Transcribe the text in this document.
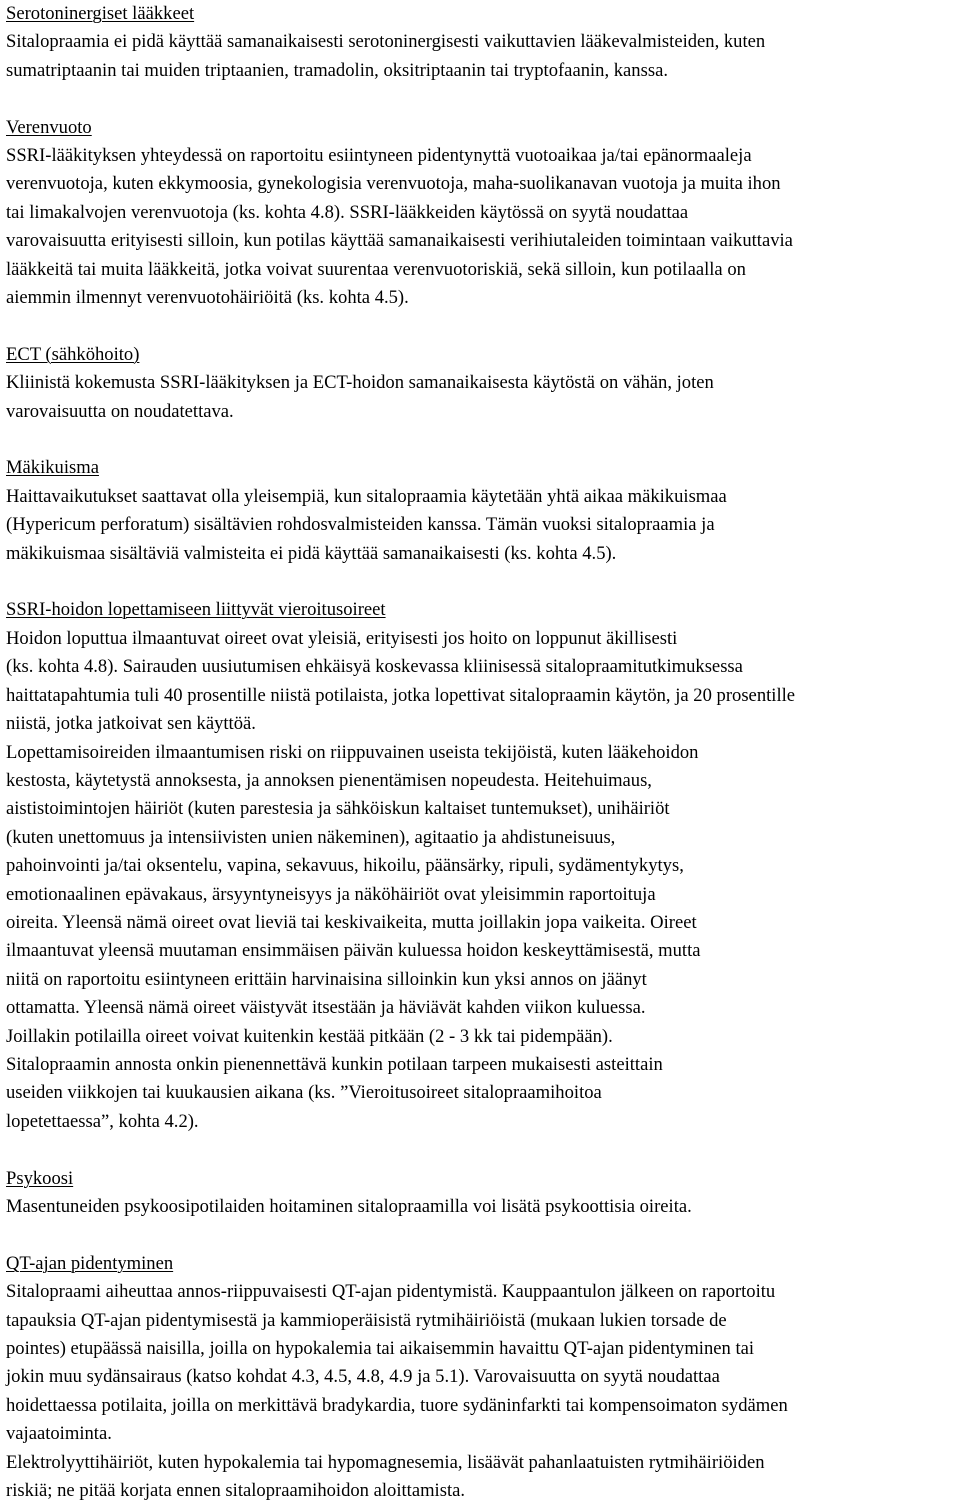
Serotoninergiset lääkkeet
Sitalopraamia ei pidä käyttää samanaikaisesti serotoninergisesti vaikuttavien lääkevalmisteiden, kuten
sumatriptaanin tai muiden triptaanien, tramadolin, oksitriptaanin tai tryptofaanin, kanssa.
Verenvuoto
SSRI-lääkityksen yhteydessä on raportoitu esiintyneen pidentynyttä vuotoaikaa ja/tai epänormaaleja
verenvuotoja, kuten ekkymoosia, gynekologisia verenvuotoja, maha-suolikanavan vuotoja ja muita ihon
tai limakalvojen verenvuotoja (ks. kohta 4.8). SSRI-lääkkeiden käytössä on syytä noudattaa
varovaisuutta erityisesti silloin, kun potilas käyttää samanaikaisesti verihiutaleiden toimintaan vaikuttavia
lääkkeitä tai muita lääkkeitä, jotka voivat suurentaa verenvuotoriskiä, sekä silloin, kun potilaalla on
aiemmin ilmennyt verenvuotohäiriöitä (ks. kohta 4.5).
ECT (sähköhoito)
Kliinistä kokemusta SSRI-lääkityksen ja ECT-hoidon samanaikaisesta käytöstä on vähän, joten
varovaisuutta on noudatettava.
Mäkikuisma
Haittavaikutukset saattavat olla yleisempiä, kun sitalopraamia käytetään yhtä aikaa mäkikuismaa
(Hypericum perforatum) sisältävien rohdosvalmisteiden kanssa. Tämän vuoksi sitalopraamia ja
mäkikuismaa sisältäviä valmisteita ei pidä käyttää samanaikaisesti (ks. kohta 4.5).
SSRI-hoidon lopettamiseen liittyvät vieroitusoireet
Hoidon loputtua ilmaantuvat oireet ovat yleisiä, erityisesti jos hoito on loppunut äkillisesti
(ks. kohta 4.8). Sairauden uusiutumisen ehkäisyä koskevassa kliinisessä sitalopraamitutkimuksessa
haittatapahtumia tuli 40 prosentille niistä potilaista, jotka lopettivat sitalopraamin käytön, ja 20 prosentille
niistä, jotka jatkoivat sen käyttöä.
Lopettamisoireiden ilmaantumisen riski on riippuvainen useista tekijöistä, kuten lääkehoidon
kestosta, käytetystä annoksesta, ja annoksen pienentämisen nopeudesta. Heitehuimaus,
aististoimintojen häiriöt (kuten parestesia ja sähköiskun kaltaiset tuntemukset), unihäiriöt
(kuten unettomuus ja intensiivisten unien näkeminen), agitaatio ja ahdistuneisuus,
pahoinvointi ja/tai oksentelu, vapina, sekavuus, hikoilu, päänsärky, ripuli, sydämentykytys,
emotionaalinen epävakaus, ärsyyntyneisyys ja näköhäiriöt ovat yleisimmin raportoituja
oireita. Yleensä nämä oireet ovat lieviä tai keskivaikeita, mutta joillakin jopa vaikeita. Oireet
ilmaantuvat yleensä muutaman ensimmäisen päivän kuluessa hoidon keskeyttämisestä, mutta
niitä on raportoitu esiintyneen erittäin harvinaisina silloinkin kun yksi annos on jäänyt
ottamatta. Yleensä nämä oireet väistyvät itsestään ja häviävät kahden viikon kuluessa.
Joillakin potilailla oireet voivat kuitenkin kestää pitkään (2 - 3 kk tai pidempään).
Sitalopraamin annosta onkin pienennettävä kunkin potilaan tarpeen mukaisesti asteittain
useiden viikkojen tai kuukausien aikana (ks. ”Vieroitusoireet sitalopraamihoitoa
lopetettaessa”, kohta 4.2).
Psykoosi
Masentuneiden psykoosipotilaiden hoitaminen sitalopraamilla voi lisätä psykoottisia oireita.
QT-ajan pidentyminen
Sitalopraami aiheuttaa annos-riippuvaisesti QT-ajan pidentymistä. Kauppaantulon jälkeen on raportoitu
tapauksia QT-ajan pidentymisestä ja kammioperäisistä rytmihäiriöistä (mukaan lukien torsade de
pointes) etupäässä naisilla, joilla on hypokalemia tai aikaisemmin havaittu QT-ajan pidentyminen tai
jokin muu sydänsairaus (katso kohdat 4.3, 4.5, 4.8, 4.9 ja 5.1). Varovaisuutta on syytä noudattaa
hoidettaessa potilaita, joilla on merkittävä bradykardia, tuore sydäninfarkti tai kompensoimaton sydämen
vajaatoiminta.
Elektrolyyttihäiriöt, kuten hypokalemia tai hypomagnesemia, lisäävät pahanlaatuisten rytmihäiriöiden
riskiä; ne pitää korjata ennen sitalopraamihoidon aloittamista.
